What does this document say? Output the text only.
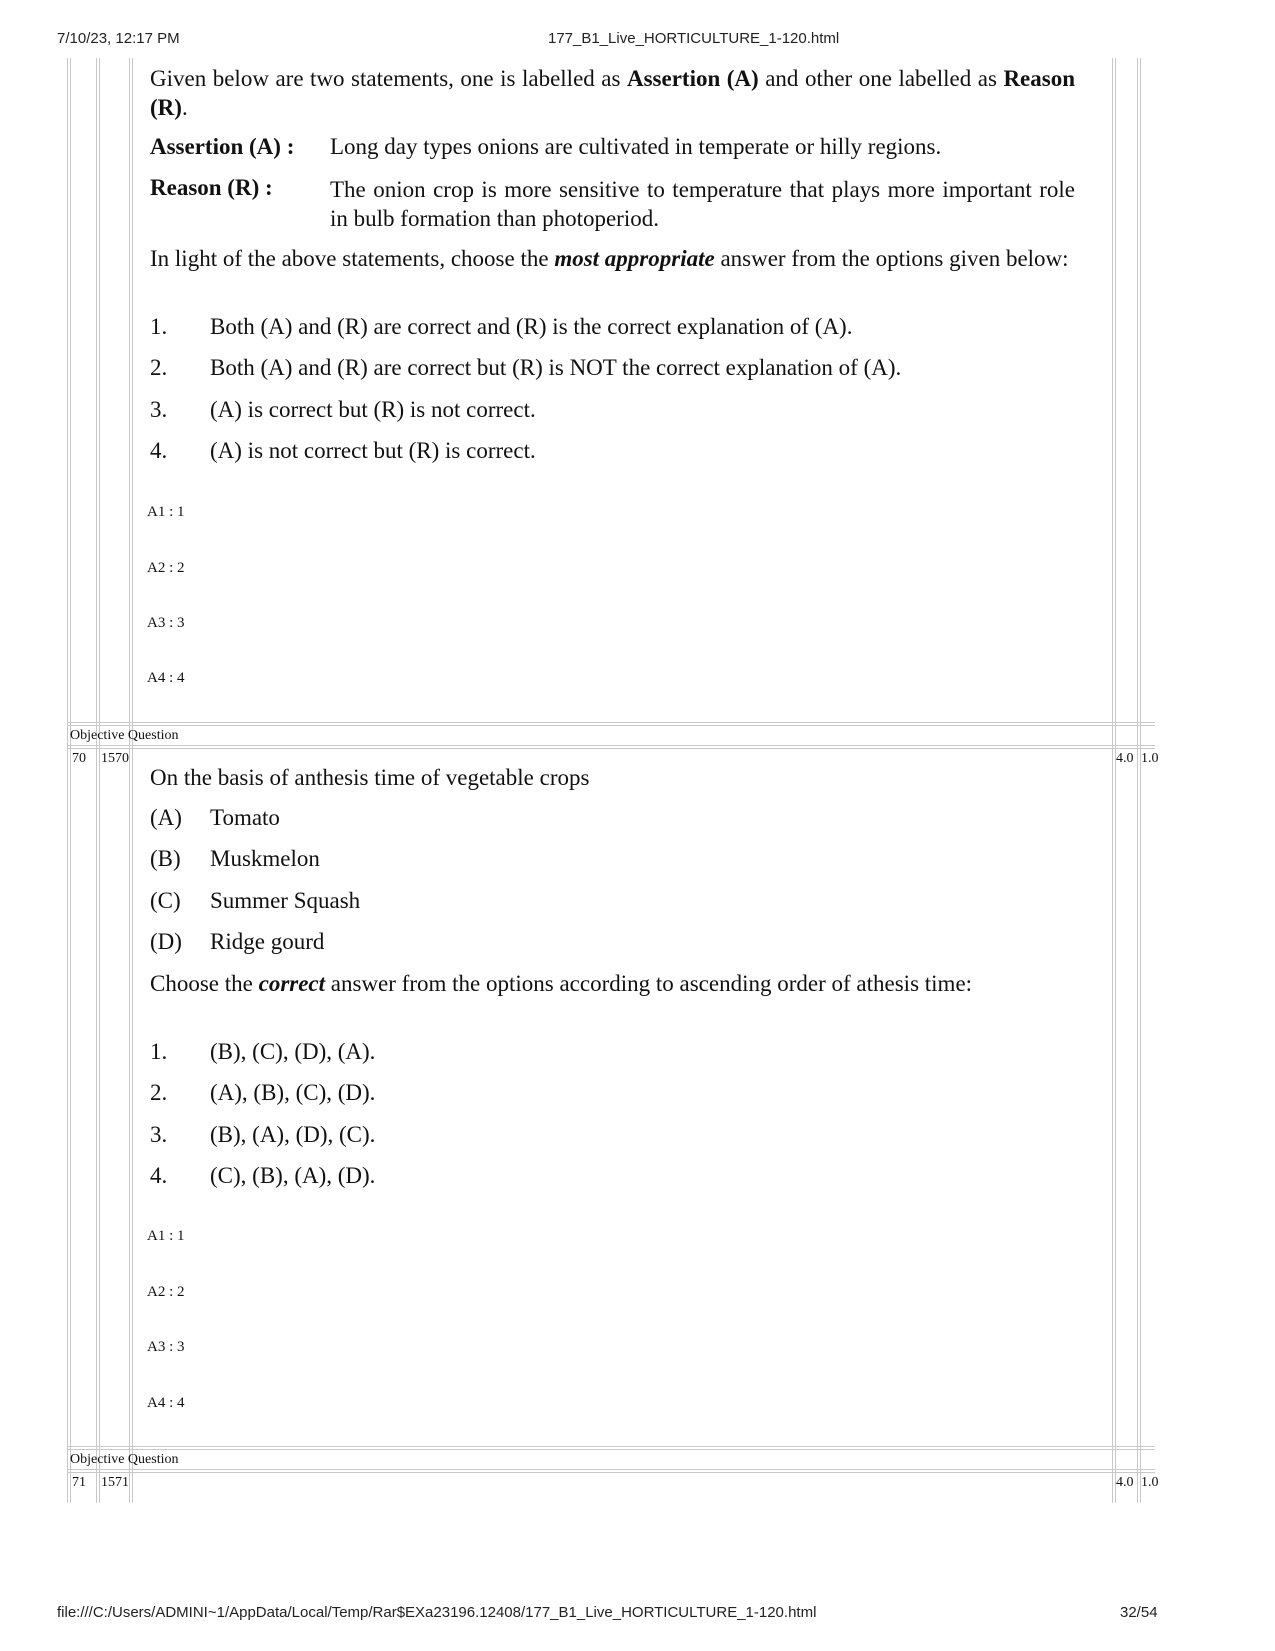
7/10/23, 12:17 PM	177_B1_Live_HORTICULTURE_1-120.html
Given below are two statements, one is labelled as Assertion (A) and other one labelled as Reason (R).
Assertion (A) : Long day types onions are cultivated in temperate or hilly regions.
Reason (R) : The onion crop is more sensitive to temperature that plays more important role in bulb formation than photoperiod.
In light of the above statements, choose the most appropriate answer from the options given below:
1. Both (A) and (R) are correct and (R) is the correct explanation of (A).
2. Both (A) and (R) are correct but (R) is NOT the correct explanation of (A).
3. (A) is correct but (R) is not correct.
4. (A) is not correct but (R) is correct.
A1 : 1
A2 : 2
A3 : 3
A4 : 4
Objective Question
70 1570	4.0 1.0
On the basis of anthesis time of vegetable crops
(A) Tomato
(B) Muskmelon
(C) Summer Squash
(D) Ridge gourd
Choose the correct answer from the options according to ascending order of athesis time:
1. (B), (C), (D), (A).
2. (A), (B), (C), (D).
3. (B), (A), (D), (C).
4. (C), (B), (A), (D).
A1 : 1
A2 : 2
A3 : 3
A4 : 4
Objective Question
71 1571	4.0 1.0
file:///C:/Users/ADMINI~1/AppData/Local/Temp/Rar$EXa23196.12408/177_B1_Live_HORTICULTURE_1-120.html	32/54
